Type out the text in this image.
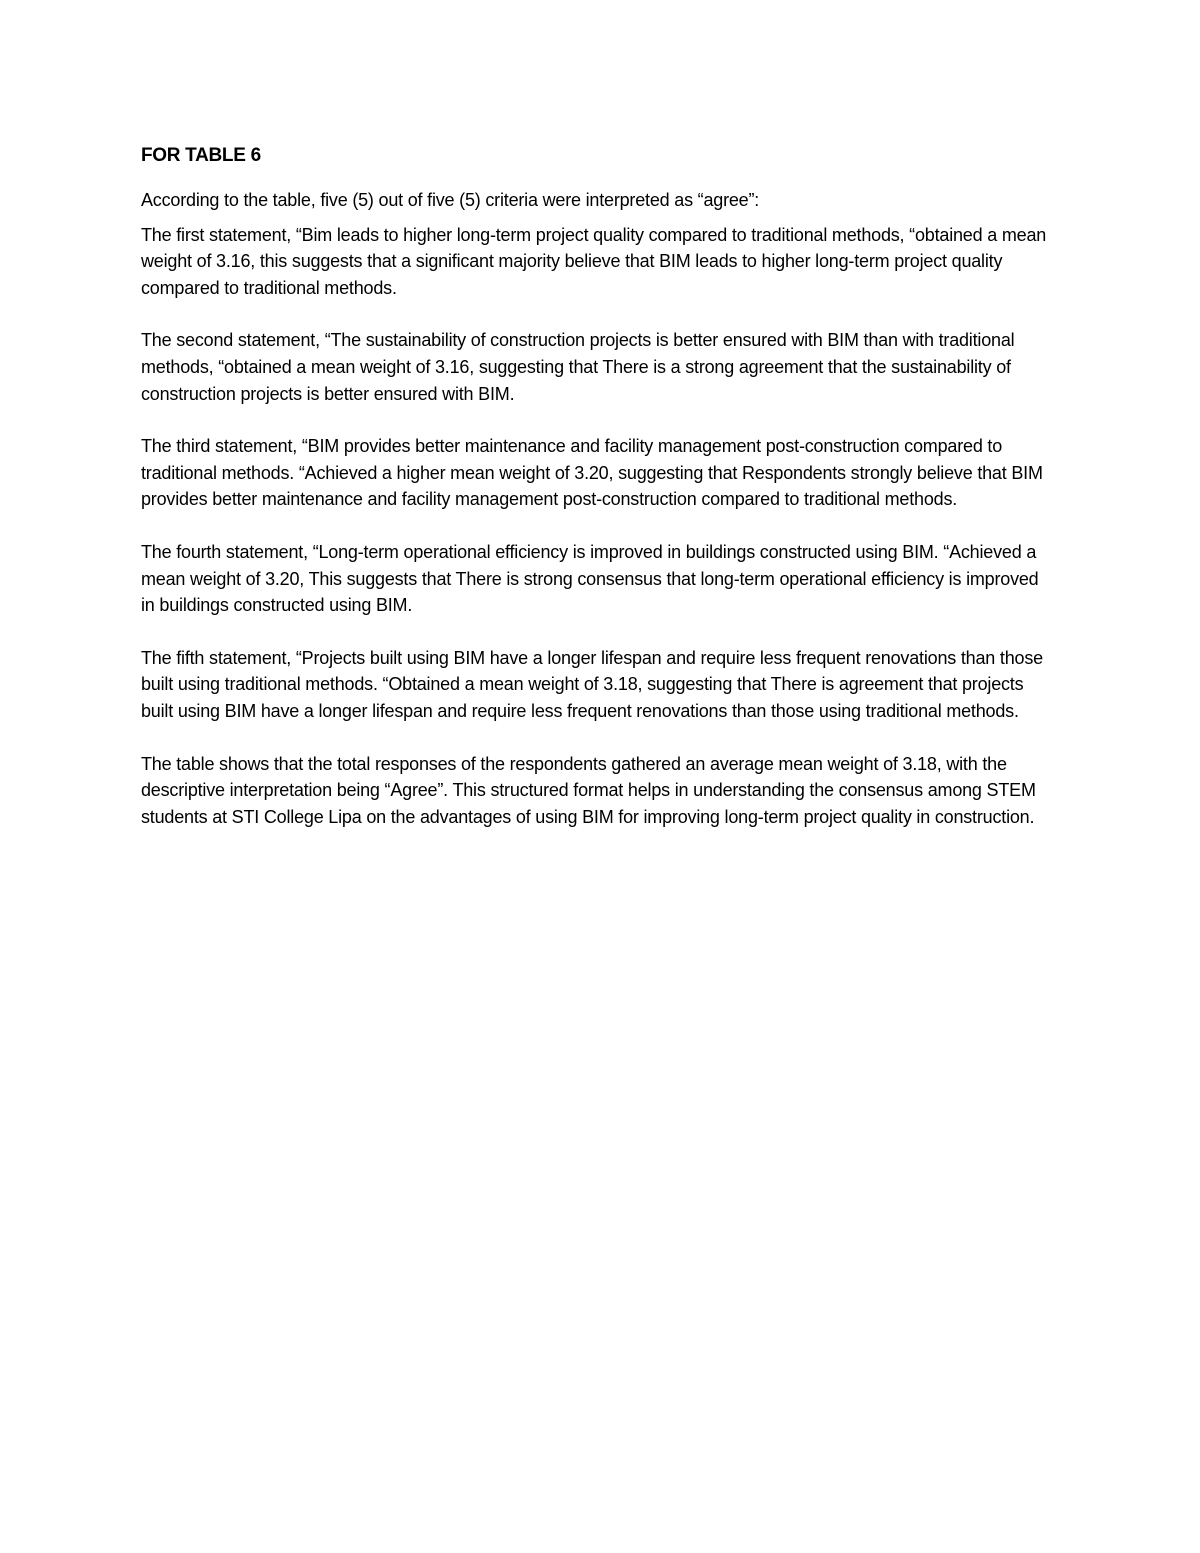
FOR TABLE 6

According to the table, five (5) out of five (5) criteria were interpreted as “agree”:

The first statement, “Bim leads to higher long-term project quality compared to traditional methods, “obtained a mean weight of 3.16, this suggests that a significant majority believe that BIM leads to higher long-term project quality compared to traditional methods.

The second statement, “The sustainability of construction projects is better ensured with BIM than with traditional methods, “obtained a mean weight of 3.16, suggesting that There is a strong agreement that the sustainability of construction projects is better ensured with BIM.

The third statement, “BIM provides better maintenance and facility management post-construction compared to traditional methods. “Achieved a higher mean weight of 3.20, suggesting that Respondents strongly believe that BIM provides better maintenance and facility management post-construction compared to traditional methods.

The fourth statement, “Long-term operational efficiency is improved in buildings constructed using BIM. “Achieved a mean weight of 3.20, This suggests that There is strong consensus that long-term operational efficiency is improved in buildings constructed using BIM.

The fifth statement, “Projects built using BIM have a longer lifespan and require less frequent renovations than those built using traditional methods. “Obtained a mean weight of 3.18, suggesting that There is agreement that projects built using BIM have a longer lifespan and require less frequent renovations than those using traditional methods.

The table shows that the total responses of the respondents gathered an average mean weight of 3.18, with the descriptive interpretation being “Agree”. This structured format helps in understanding the consensus among STEM students at STI College Lipa on the advantages of using BIM for improving long-term project quality in construction.
